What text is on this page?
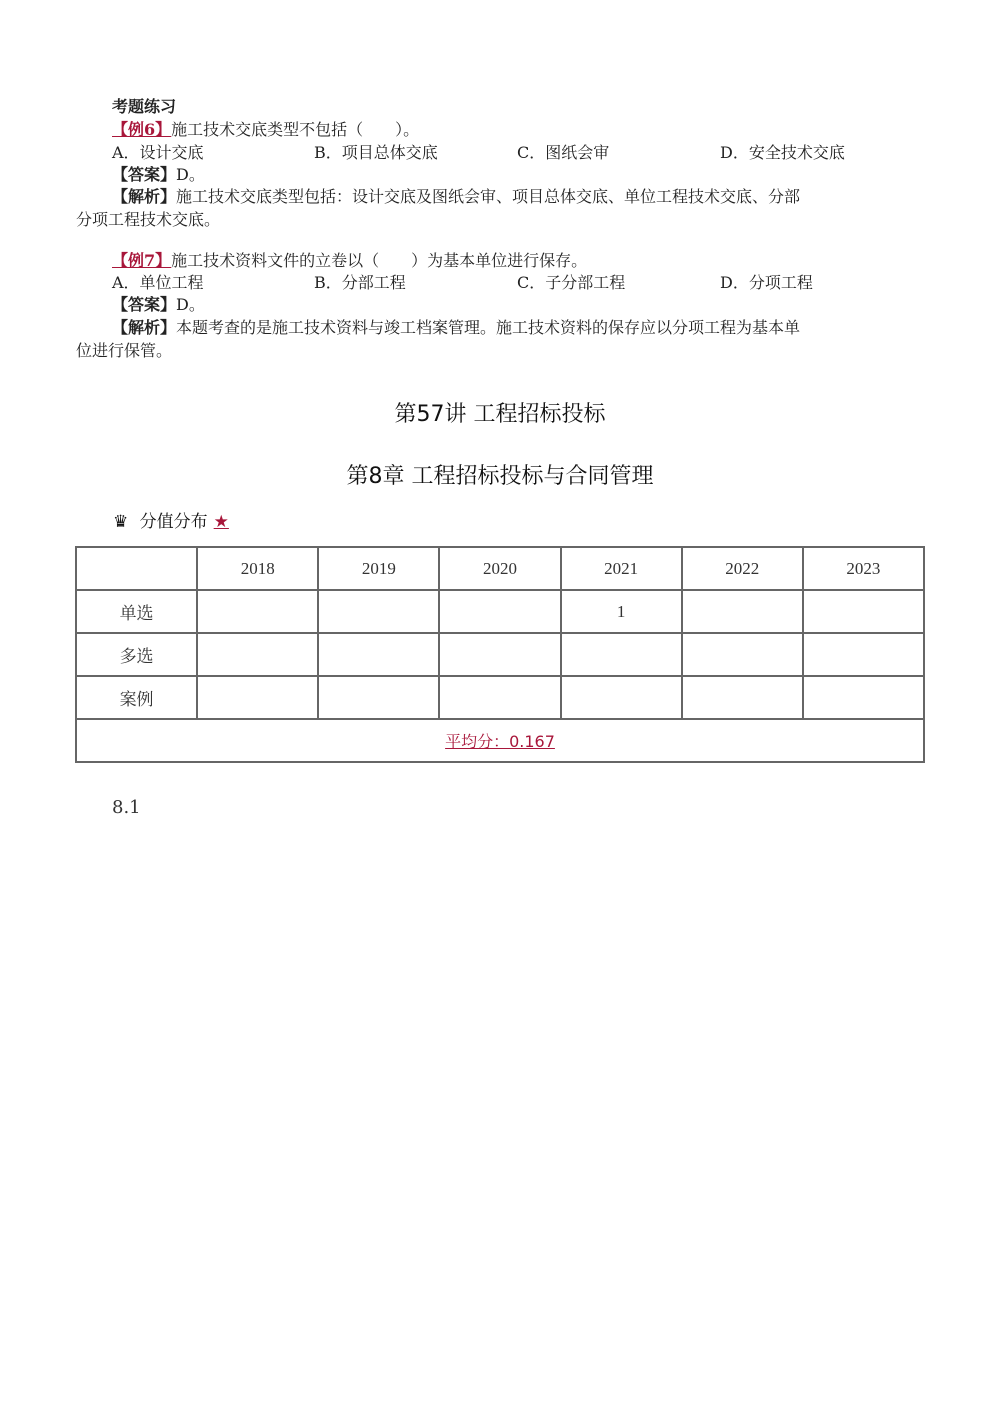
考题练习
【例6】施工技术交底类型不包括（　　）。
A．设计交底	B．项目总体交底	C．图纸会审	D．安全技术交底
【答案】D。
【解析】施工技术交底类型包括：设计交底及图纸会审、项目总体交底、单位工程技术交底、分部
分项工程技术交底。
【例7】施工技术资料文件的立卷以（　　）为基本单位进行保存。
A．单位工程	B．分部工程	C．子分部工程	D．分项工程
【答案】D。
【解析】本题考查的是施工技术资料与竣工档案管理。施工技术资料的保存应以分项工程为基本单
位进行保管。
第57讲 工程招标投标
第8章 工程招标投标与合同管理
♛ 分值分布 ★
	2018	2019	2020	2021	2022	2023
单选				1		
多选						
案例						
平均分：0.167						
8.1
